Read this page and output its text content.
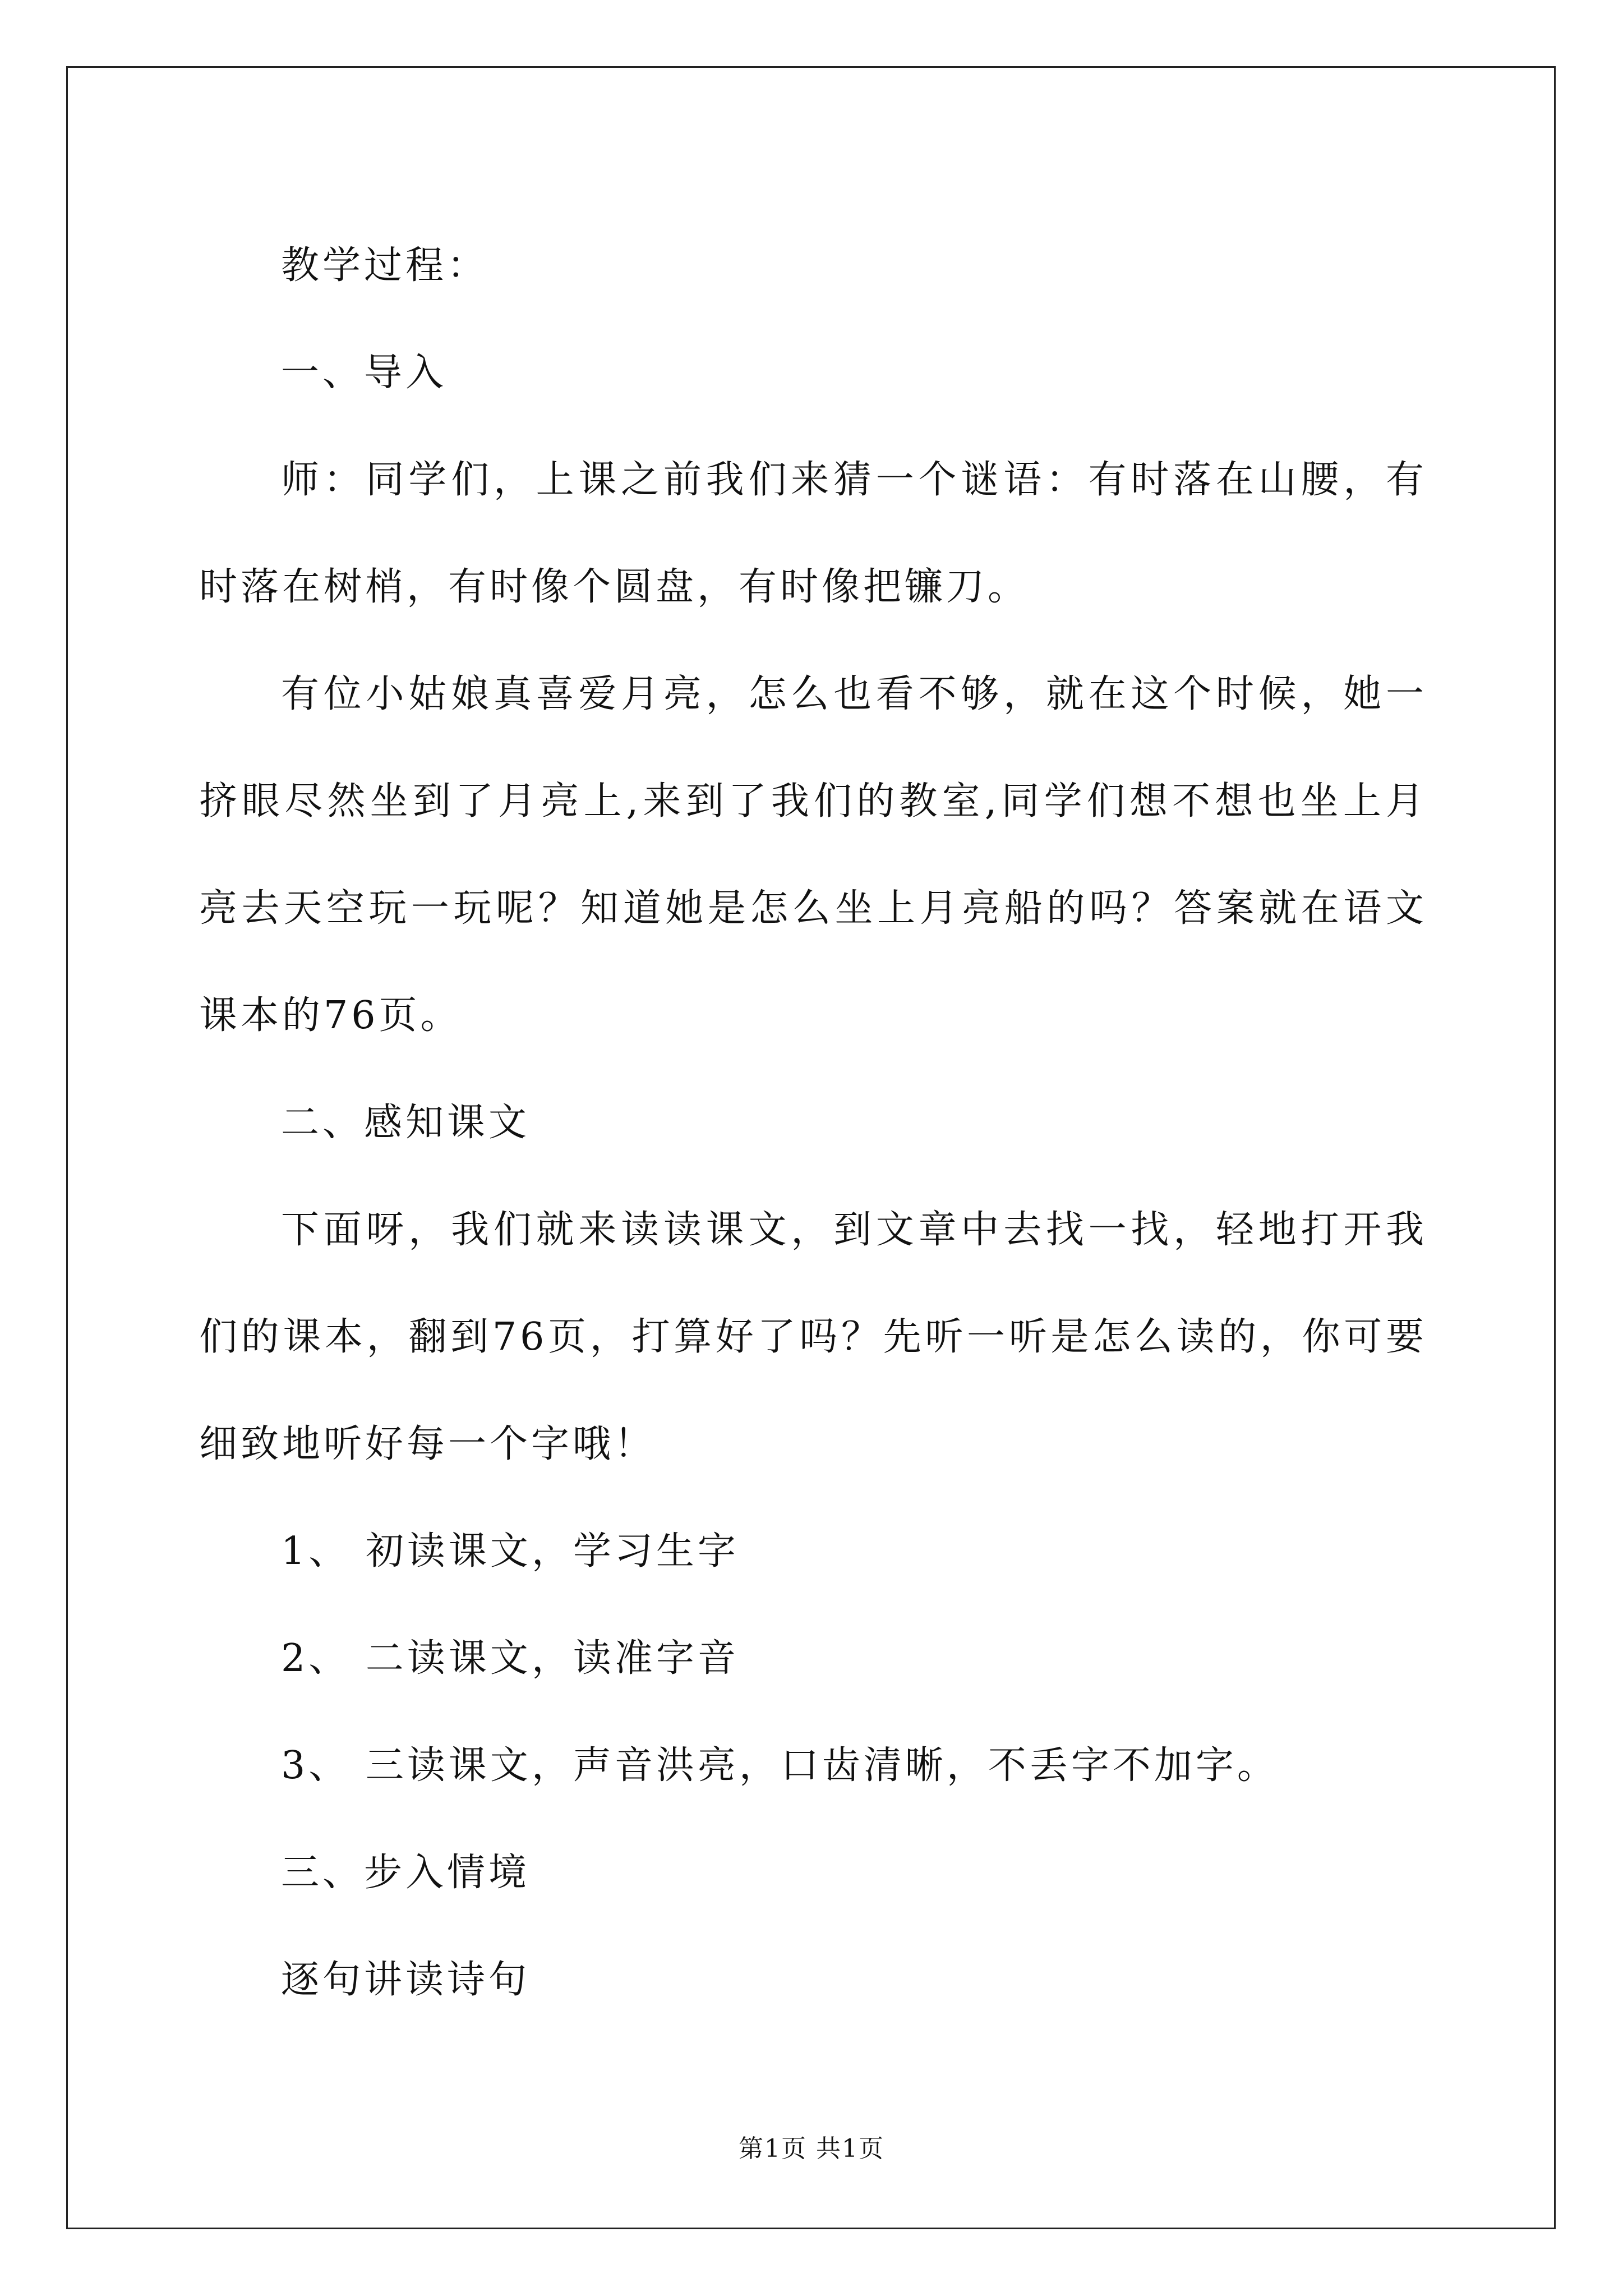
教学过程：

一、导入

师：同学们，上课之前我们来猜一个谜语：有时落在山腰，有时落在树梢，有时像个圆盘，有时像把镰刀。

有位小姑娘真喜爱月亮，怎么也看不够，就在这个时候，她一挤眼尽然坐到了月亮上,来到了我们的教室,同学们想不想也坐上月亮去天空玩一玩呢？知道她是怎么坐上月亮船的吗？答案就在语文课本的76页。

二、感知课文

下面呀，我们就来读读课文，到文章中去找一找，轻地打开我们的课本，翻到76页，打算好了吗？先听一听是怎么读的，你可要细致地听好每一个字哦！

1、 初读课文，学习生字

2、 二读课文，读准字音

3、 三读课文，声音洪亮，口齿清晰，不丢字不加字。

三、步入情境

逐句讲读诗句

第1页 共1页
